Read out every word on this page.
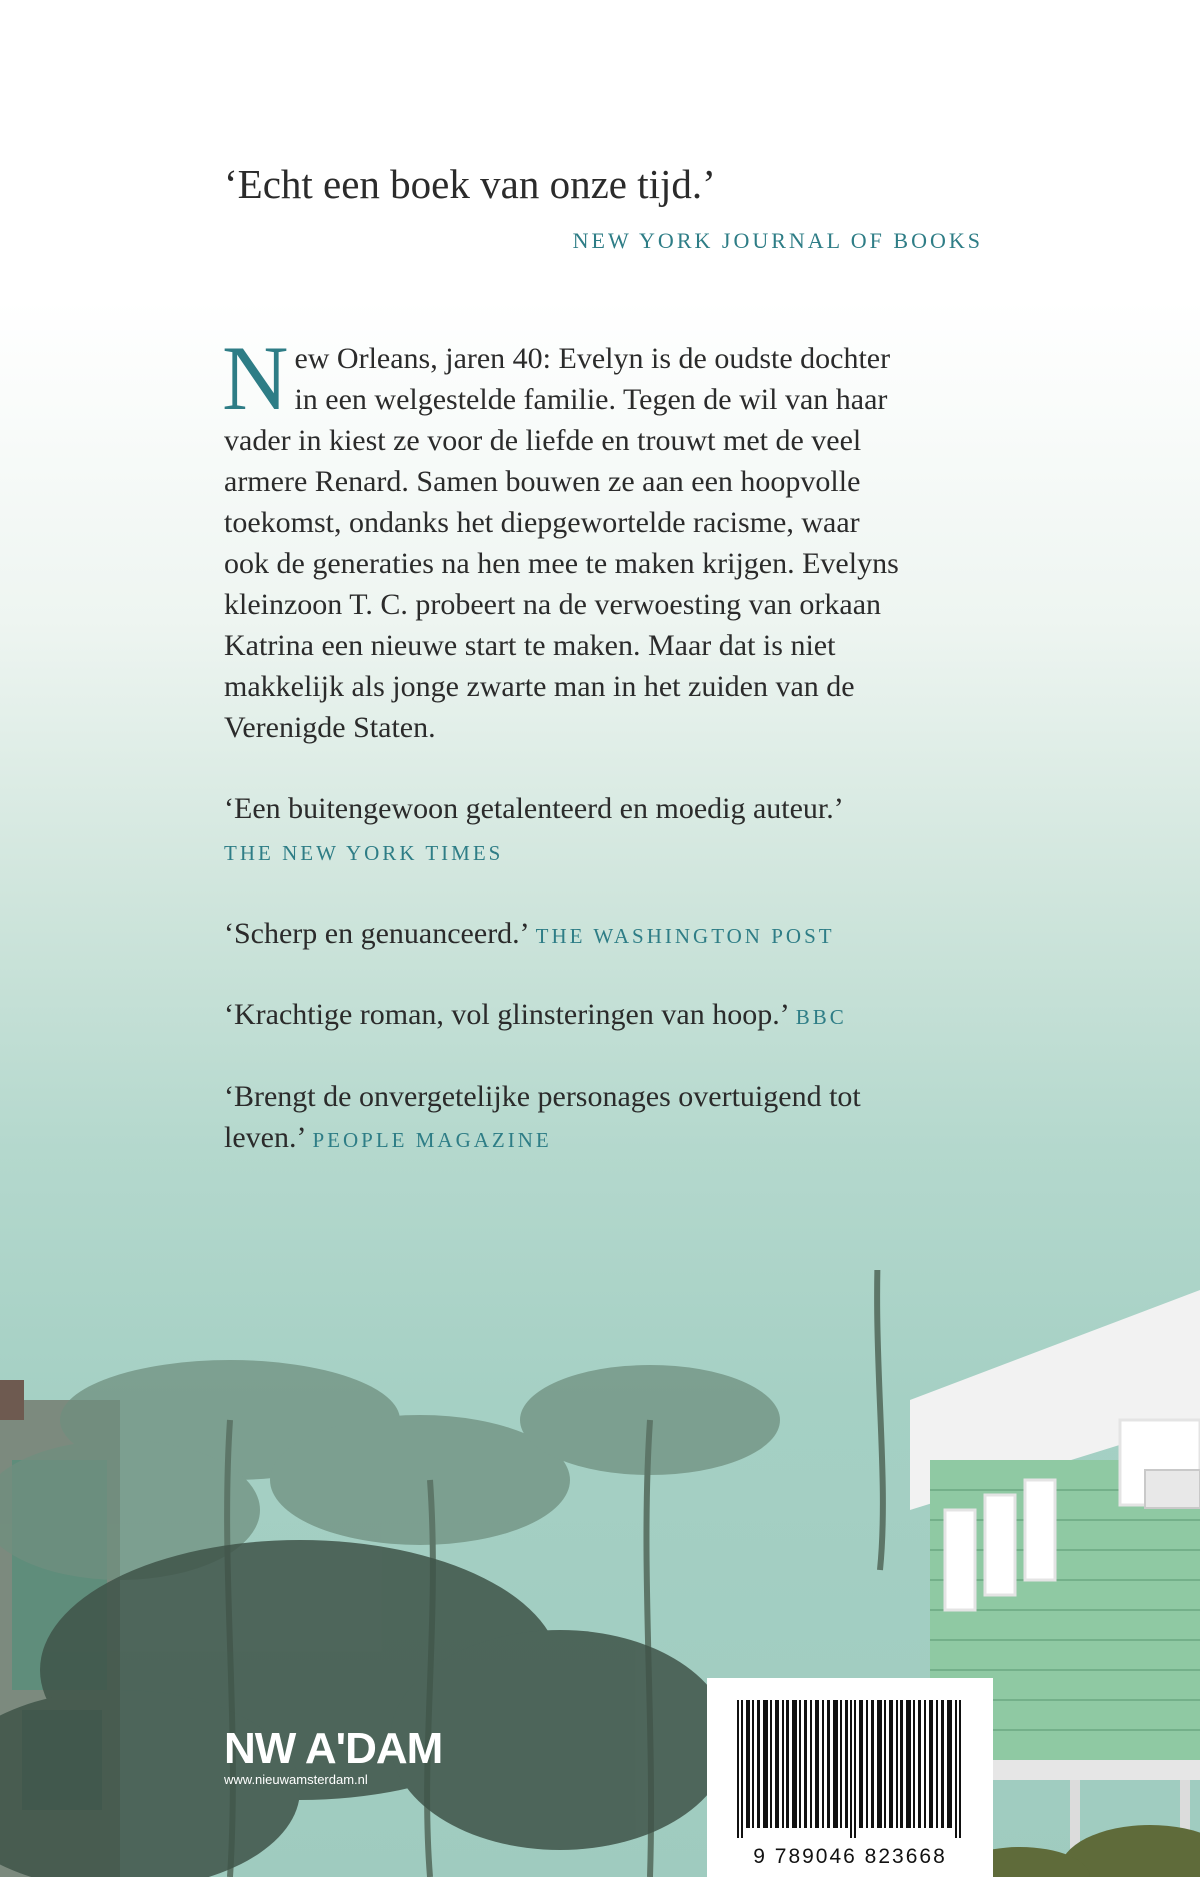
‘Echt een boek van onze tijd.’
NEW YORK JOURNAL OF BOOKS
N ew Orleans, jaren 40: Evelyn is de oudste dochter

in een welgestelde familie. Tegen de wil van haar

vader in kiest ze voor de liefde en trouwt met de veel

armere Renard. Samen bouwen ze aan een hoopvolle

toekomst, ondanks het diepgewortelde racisme, waar

ook de generaties na hen mee te maken krijgen. Evelyns

kleinzoon T. C. probeert na de verwoesting van orkaan

Katrina een nieuwe start te maken. Maar dat is niet

makkelijk als jonge zwarte man in het zuiden van de

Verenigde Staten.

‘Een buitengewoon getalenteerd en moedig auteur.’
THE NEW YORK TIMES
‘Scherp en genuanceerd.’ THE WASHINGTON POST
‘Krachtige roman, vol glinsteringen van hoop.’ BBC
‘Brengt de onvergetelijke personages overtuigend tot
leven.’ PEOPLE MAGAZINE
NW A'DAM
www.nieuwamsterdam.nl
9 789046 823668
